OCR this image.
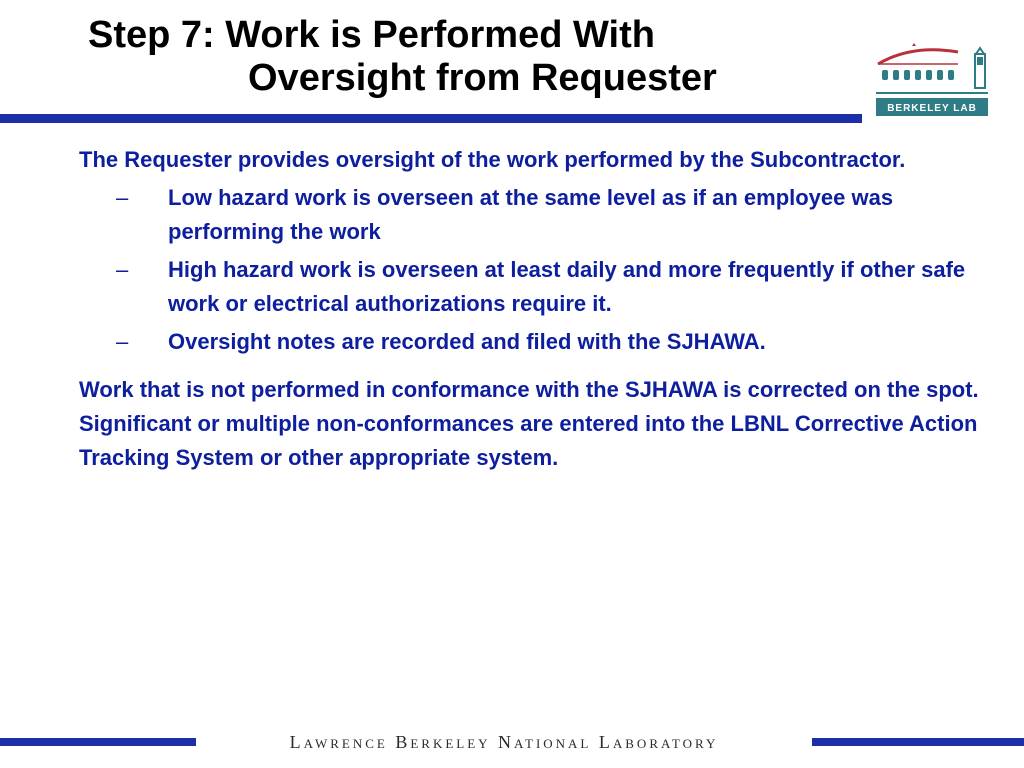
Step 7: Work is Performed With
Oversight from Requester
BERKELEY LAB

The Requester provides oversight of the work performed by the Subcontractor.

– Low hazard work is overseen at the same level as if an employee was performing the work
– High hazard work is overseen at least daily and more frequently if other safe work or electrical authorizations require it.
– Oversight notes are recorded and filed with the SJHAWA.

Work that is not performed in conformance with the SJHAWA is corrected on the spot. Significant or multiple non-conformances are entered into the LBNL Corrective Action Tracking System or other appropriate system.

Lawrence Berkeley National Laboratory
